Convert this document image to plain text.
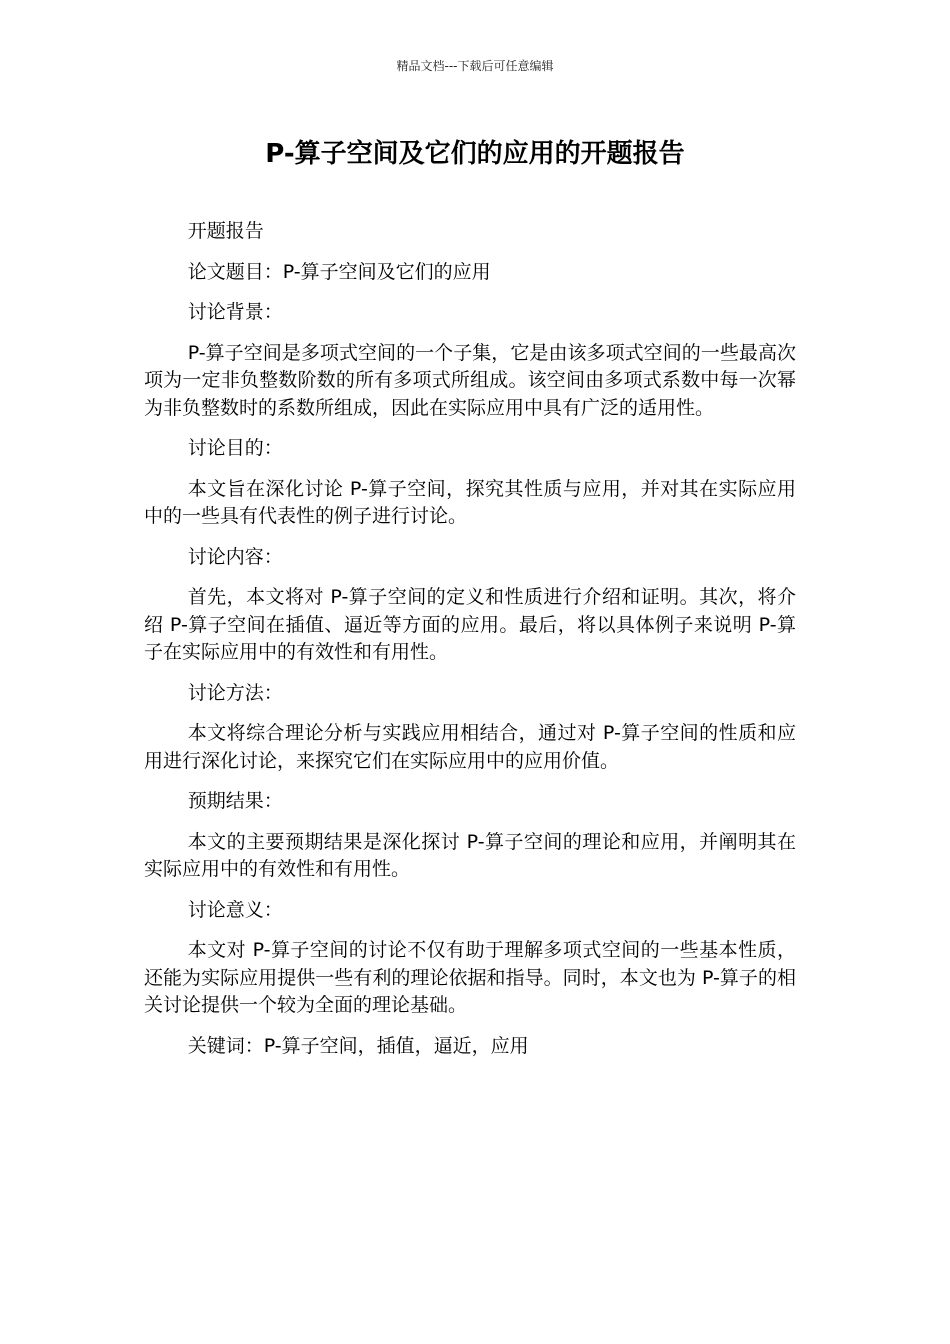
精品文档---下载后可任意编辑
P-算子空间及它们的应用的开题报告

开题报告

论文题目：P-算子空间及它们的应用

讨论背景：

P-算子空间是多项式空间的一个子集，它是由该多项式空间的一些最高次项为一定非负整数阶数的所有多项式所组成。该空间由多项式系数中每一次幂为非负整数时的系数所组成，因此在实际应用中具有广泛的适用性。

讨论目的：

本文旨在深化讨论 P-算子空间，探究其性质与应用，并对其在实际应用中的一些具有代表性的例子进行讨论。

讨论内容：

首先，本文将对 P-算子空间的定义和性质进行介绍和证明。其次，将介绍 P-算子空间在插值、逼近等方面的应用。最后，将以具体例子来说明 P-算子在实际应用中的有效性和有用性。

讨论方法：

本文将综合理论分析与实践应用相结合，通过对 P-算子空间的性质和应用进行深化讨论，来探究它们在实际应用中的应用价值。

预期结果：

本文的主要预期结果是深化探讨 P-算子空间的理论和应用，并阐明其在实际应用中的有效性和有用性。

讨论意义：

本文对 P-算子空间的讨论不仅有助于理解多项式空间的一些基本性质，还能为实际应用提供一些有利的理论依据和指导。同时，本文也为 P-算子的相关讨论提供一个较为全面的理论基础。

关键词：P-算子空间，插值，逼近，应用
